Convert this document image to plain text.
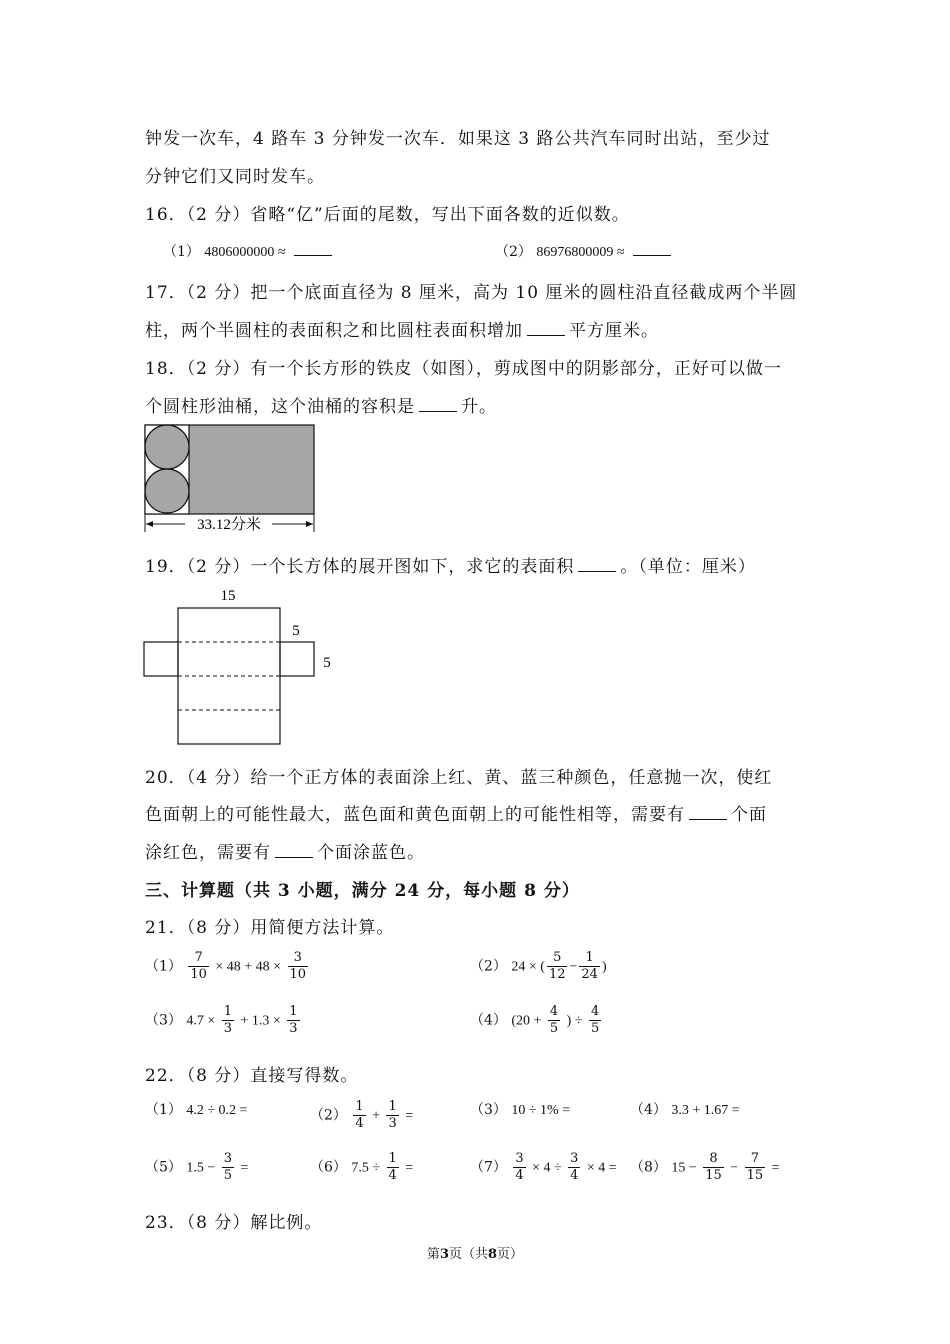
钟发一次车，4 路车 3 分钟发一次车．如果这 3 路公共汽车同时出站，至少过
分钟它们又同时发车。
16．（2 分）省略“亿”后面的尾数，写出下面各数的近似数。
（1） 4806000000 ≈	（2） 86976800009 ≈
17．（2 分）把一个底面直径为 8 厘米，高为 10 厘米的圆柱沿直径截成两个半圆
柱，两个半圆柱的表面积之和比圆柱表面积增加	平方厘米。
18．（2 分）有一个长方形的铁皮（如图），剪成图中的阴影部分，正好可以做一
个圆柱形油桶，这个油桶的容积是	升。
33.12分米
19．（2 分）一个长方体的展开图如下，求它的表面积	。（单位：厘米）
15
5
5
20．（4 分）给一个正方体的表面涂上红、黄、蓝三种颜色，任意抛一次，使红
色面朝上的可能性最大，蓝色面和黄色面朝上的可能性相等，需要有	个面
涂红色，需要有	个面涂蓝色。
三、计算题（共 3 小题，满分 24 分，每小题 8 分）
21．（8 分）用简便方法计算。
$(1) \frac{7}{10} \times 48 + 48 \times \frac{3}{10}$	（2） 24 × ( $\frac{5}{12} - \frac{1}{24}$ )
（3） $4.7 \times \frac{1}{3} + 1.3 \times \frac{1}{3}$	（4） ($20 + \frac{4}{5}$ ) ÷ $\frac{4}{5}$
22．（8 分）直接写得数。
（1） 4.2 ÷ 0.2 =	$(2) \frac{1}{4} + \frac{1}{3}$ =	（3） 10 ÷ 1% =	（4） 3.3 + 1.67 =
（5） $1.5 - \frac{3}{5}$ =	（6） $7.5 \div \frac{1}{4}$ =	$(7) \frac{3}{4} \times 4 \div \frac{3}{4} \times 4 = (8) 15 - \frac{8}{15} - \frac{7}{15}$ =
23．（8 分）解比例。
第3页（共8页）
